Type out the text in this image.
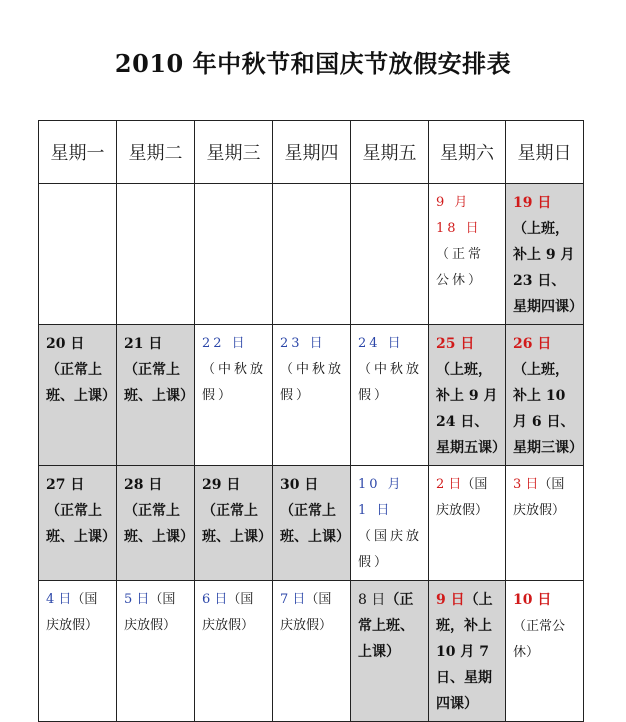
2010 年中秋节和国庆节放假安排表
星期一	星期二	星期三	星期四	星期五	星期六	星期日

					9 月 18 日 （正常公休）	19 日（上班，补上 9 月 23 日、星期四课）

20 日（正常上班、上课）	21 日（正常上班、上课）	22 日（中秋放假）	23 日（中秋放假）	24 日（中秋放假）	25 日（上班，补上 9 月 24 日、星期五课）	26 日（上班，补上 10 月 6 日、星期三课）

27 日（正常上班、上课）	28 日（正常上班、上课）	29 日（正常上班、上课）	30 日（正常上班、上课）	10 月 1 日（国庆放假）	2 日（国庆放假）	3 日（国庆放假）

4 日（国庆放假）	5 日（国庆放假）	6 日（国庆放假）	7 日（国庆放假）	8 日（正常上班、上课）	9 日（上班，补上 10 月 7 日、星期四课）	10 日（正常公休）
